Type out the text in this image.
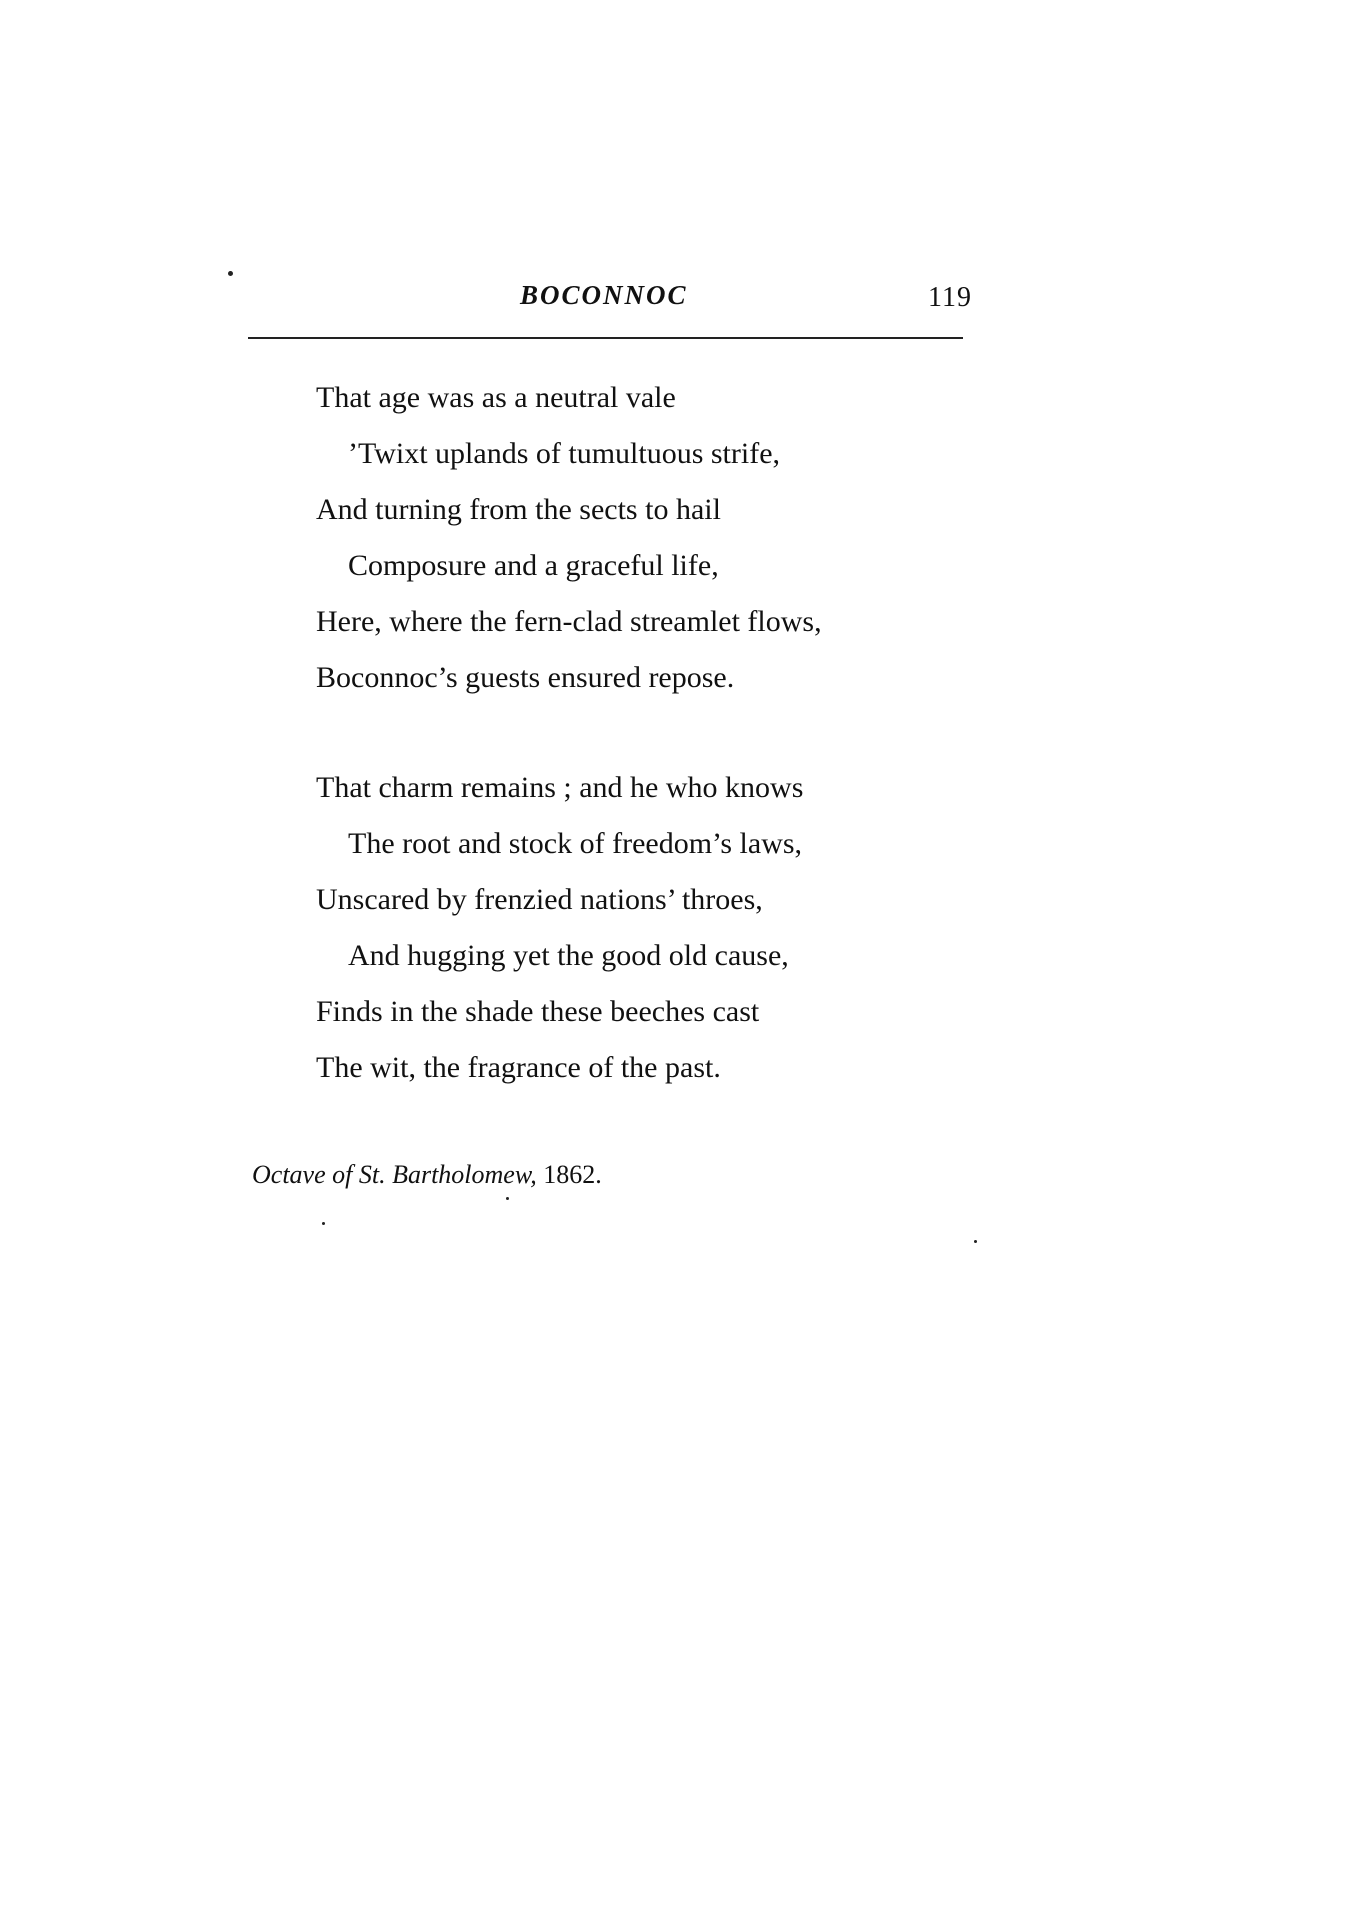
BOCONNOC	119
That age was as a neutral vale
’Twixt uplands of tumultuous strife,
And turning from the sects to hail
Composure and a graceful life,
Here, where the fern-clad streamlet flows,
Boconnoc’s guests ensured repose.
That charm remains ; and he who knows
The root and stock of freedom’s laws,
Unscared by frenzied nations’ throes,
And hugging yet the good old cause,
Finds in the shade these beeches cast
The wit, the fragrance of the past.
Octave of St. Bartholomew, 1862.
